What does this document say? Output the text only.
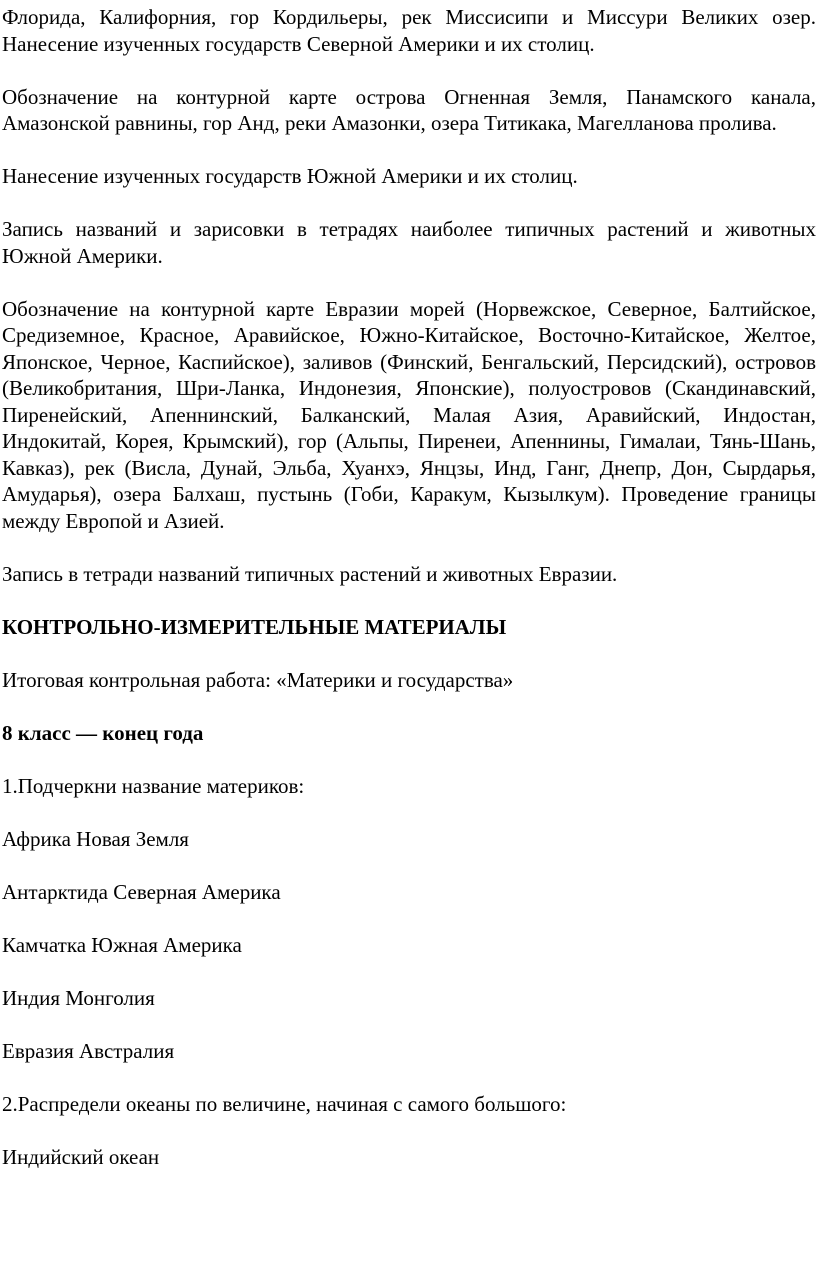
Флорида, Калифорния, гор Кордильеры, рек Миссисипи и Миссури Великих озер. Нанесение изученных государств Северной Америки и их столиц.

Обозначение на контурной карте острова Огненная Земля, Панамского канала, Амазонской равнины, гор Анд, реки Амазонки, озера Титикака, Магелланова пролива.

Нанесение изученных государств Южной Америки и их столиц.

Запись названий и зарисовки в тетрадях наиболее типичных растений и животных Южной Америки.

Обозначение на контурной карте Евразии морей (Норвежское, Северное, Балтийское, Средиземное, Красное, Аравийское, Южно-Китайское, Восточно-Китайское, Желтое, Японское, Черное, Каспийское), заливов (Финский, Бенгальский, Персидский), островов (Великобритания, Шри-Ланка, Индонезия, Японские), полуостровов (Скандинавский, Пиренейский, Апеннинский, Балканский, Малая Азия, Аравийский, Индостан, Индокитай, Корея, Крымский), гор (Альпы, Пиренеи, Апеннины, Гималаи, Тянь-Шань, Кавказ), рек (Висла, Дунай, Эльба, Хуанхэ, Янцзы, Инд, Ганг, Днепр, Дон, Сырдарья, Амударья), озера Балхаш, пустынь (Гоби, Каракум, Кызылкум). Проведение границы между Европой и Азией.

Запись в тетради названий типичных растений и животных Евразии.

КОНТРОЛЬНО-ИЗМЕРИТЕЛЬНЫЕ МАТЕРИАЛЫ

Итоговая контрольная работа: «Материки и государства»

8 класс — конец года

1.Подчеркни название материков:

Африка Новая Земля

Антарктида Северная Америка

Камчатка Южная Америка

Индия Монголия

Евразия Австралия

2.Распредели океаны по величине, начиная с самого большого:

Индийский океан
